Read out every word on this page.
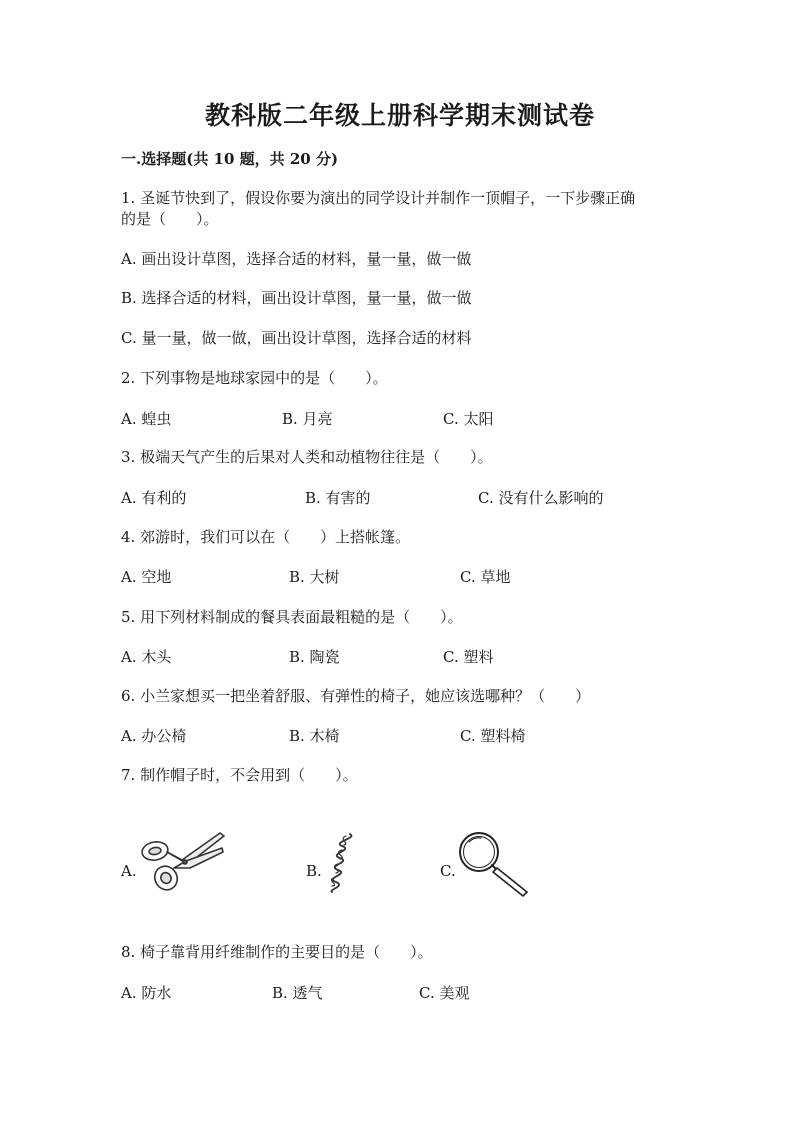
教科版二年级上册科学期末测试卷
一.选择题(共 10 题，共 20 分)
1. 圣诞节快到了，假设你要为演出的同学设计并制作一顶帽子，一下步骤正确
的是（　　）。
A. 画出设计草图，选择合适的材料，量一量，做一做
B. 选择合适的材料，画出设计草图，量一量，做一做
C. 量一量，做一做，画出设计草图，选择合适的材料
2. 下列事物是地球家园中的是（　　）。
A. 蝗虫	B. 月亮	C. 太阳
3. 极端天气产生的后果对人类和动植物往往是（　　）。
A. 有利的	B. 有害的	C. 没有什么影响的
4. 郊游时，我们可以在（　　）上搭帐篷。
A. 空地	B. 大树	C. 草地
5. 用下列材料制成的餐具表面最粗糙的是（　　）。
A. 木头	B. 陶瓷	C. 塑料
6. 小兰家想买一把坐着舒服、有弹性的椅子，她应该选哪种？（　　）
A. 办公椅	B. 木椅	C. 塑料椅
7. 制作帽子时，不会用到（　　）。
A.	B.	C.
8. 椅子靠背用纤维制作的主要目的是（　　）。
A. 防水	B. 透气	C. 美观
